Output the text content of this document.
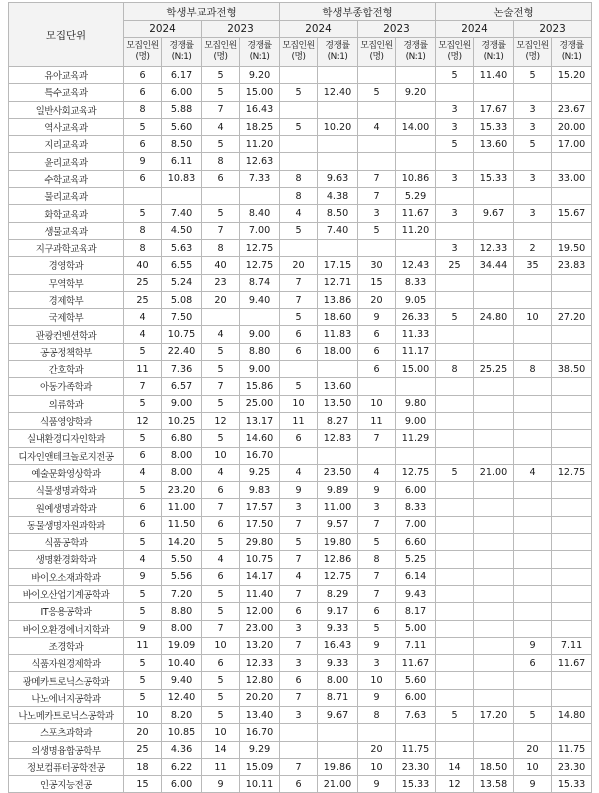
모집단위	학생부교과전형				학생부종합전형				논술전형			
	2024		2023		2024		2023		2024		2023	
	모집인원 (명)	경쟁률 (N:1)	모집인원 (명)	경쟁률 (N:1)	모집인원 (명)	경쟁률 (N:1)	모집인원 (명)	경쟁률 (N:1)	모집인원 (명)	경쟁률 (N:1)	모집인원 (명)	경쟁률 (N:1)
유아교육과	6	6.17	5	9.20					5	11.40	5	15.20
특수교육과	6	6.00	5	15.00	5	12.40	5	9.20				
일반사회교육과	8	5.88	7	16.43					3	17.67	3	23.67
역사교육과	5	5.60	4	18.25	5	10.20	4	14.00	3	15.33	3	20.00
지리교육과	6	8.50	5	11.20					5	13.60	5	17.00
윤리교육과	9	6.11	8	12.63								
수학교육과	6	10.83	6	7.33	8	9.63	7	10.86	3	15.33	3	33.00
물리교육과					8	4.38	7	5.29				
화학교육과	5	7.40	5	8.40	4	8.50	3	11.67	3	9.67	3	15.67
생물교육과	8	4.50	7	7.00	5	7.40	5	11.20				
지구과학교육과	8	5.63	8	12.75					3	12.33	2	19.50
경영학과	40	6.55	40	12.75	20	17.15	30	12.43	25	34.44	35	23.83
무역학부	25	5.24	23	8.74	7	12.71	15	8.33				
경제학부	25	5.08	20	9.40	7	13.86	20	9.05				
국제학부	4	7.50			5	18.60	9	26.33	5	24.80	10	27.20
관광컨벤션학과	4	10.75	4	9.00	6	11.83	6	11.33				
공공정책학부	5	22.40	5	8.80	6	18.00	6	11.17				
간호학과	11	7.36	5	9.00			6	15.00	8	25.25	8	38.50
아동가족학과	7	6.57	7	15.86	5	13.60						
의류학과	5	9.00	5	25.00	10	13.50	10	9.80				
식품영양학과	12	10.25	12	13.17	11	8.27	11	9.00				
실내환경디자인학과	5	6.80	5	14.60	6	12.83	7	11.29				
디자인앤테크놀로지전공	6	8.00	10	16.70								
예술문화영상학과	4	8.00	4	9.25	4	23.50	4	12.75	5	21.00	4	12.75
식물생명과학과	5	23.20	6	9.83	9	9.89	9	6.00				
원예생명과학과	6	11.00	7	17.57	3	11.00	3	8.33				
동물생명자원과학과	6	11.50	6	17.50	7	9.57	7	7.00				
식품공학과	5	14.20	5	29.80	5	19.80	5	6.60				
생명환경화학과	4	5.50	4	10.75	7	12.86	8	5.25				
바이오소재과학과	9	5.56	6	14.17	4	12.75	7	6.14				
바이오산업기계공학과	5	7.20	5	11.40	7	8.29	7	9.43				
IT응용공학과	5	8.80	5	12.00	6	9.17	6	8.17				
바이오환경에너지학과	9	8.00	7	23.00	3	9.33	5	5.00				
조경학과	11	19.09	10	13.20	7	16.43	9	7.11			9	7.11
식품자원경제학과	5	10.40	6	12.33	3	9.33	3	11.67			6	11.67
광메카트로닉스공학과	5	9.40	5	12.80	6	8.00	10	5.60				
나노에너지공학과	5	12.40	5	20.20	7	8.71	9	6.00				
나노메카트로닉스공학과	10	8.20	5	13.40	3	9.67	8	7.63	5	17.20	5	14.80
스포츠과학과	20	10.85	10	16.70								
의생명융합공학부	25	4.36	14	9.29			20	11.75			20	11.75
정보컴퓨터공학전공	18	6.22	11	15.09	7	19.86	10	23.30	14	18.50	10	23.30
인공지능전공	15	6.00	9	10.11	6	21.00	9	15.33	12	13.58	9	15.33
